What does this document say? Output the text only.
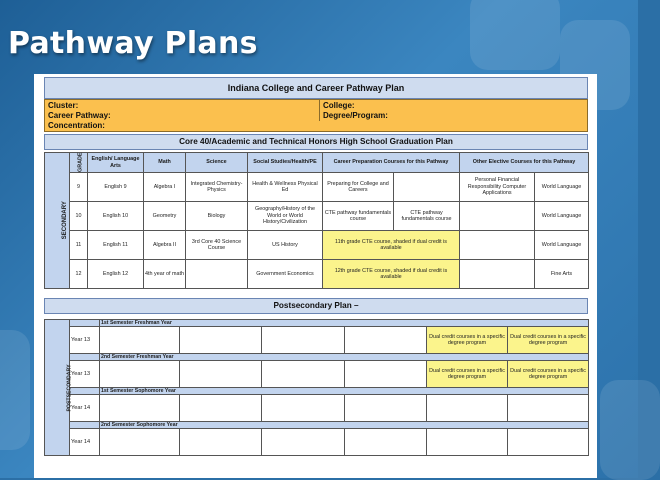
Pathway Plans
Indiana College and Career Pathway Plan
Cluster:
Career Pathway:
Concentration:
College:
Degree/Program:
Core 40/Academic and Technical Honors High School Graduation Plan
SECONDARY	GRADE	English/ Language Arts	Math	Science	Social Studies/Health/PE	Career Preparation Courses for this Pathway		Other Elective Courses for this Pathway	
	9	English 9	Algebra I	Integrated Chemistry-Physics	Health & Wellness Physical Ed	Preparing for College and Careers		Personal Financial Responsibility Computer Applications	World Language
	10	English 10	Geometry	Biology	Geography/History of the World or World History/Civilization	CTE pathway fundamentals course	CTE pathway fundamentals course		World Language
	11	English 11	Algebra II	3rd Core 40 Science Course	US History	11th grade CTE course, shaded if dual credit is available			World Language
	12	English 12	4th year of math		Government Economics	12th grade CTE course, shaded if dual credit is available			Fine Arts
Postsecondary Plan –
POSTSECONDARY		1st Semester Freshman Year					
	Year 13					Dual credit courses in a specific degree program	Dual credit courses in a specific degree program
		2nd Semester Freshman Year					
	Year 13					Dual credit courses in a specific degree program	Dual credit courses in a specific degree program
		1st Semester Sophomore Year					
	Year 14						
		2nd Semester Sophomore Year					
	Year 14						
